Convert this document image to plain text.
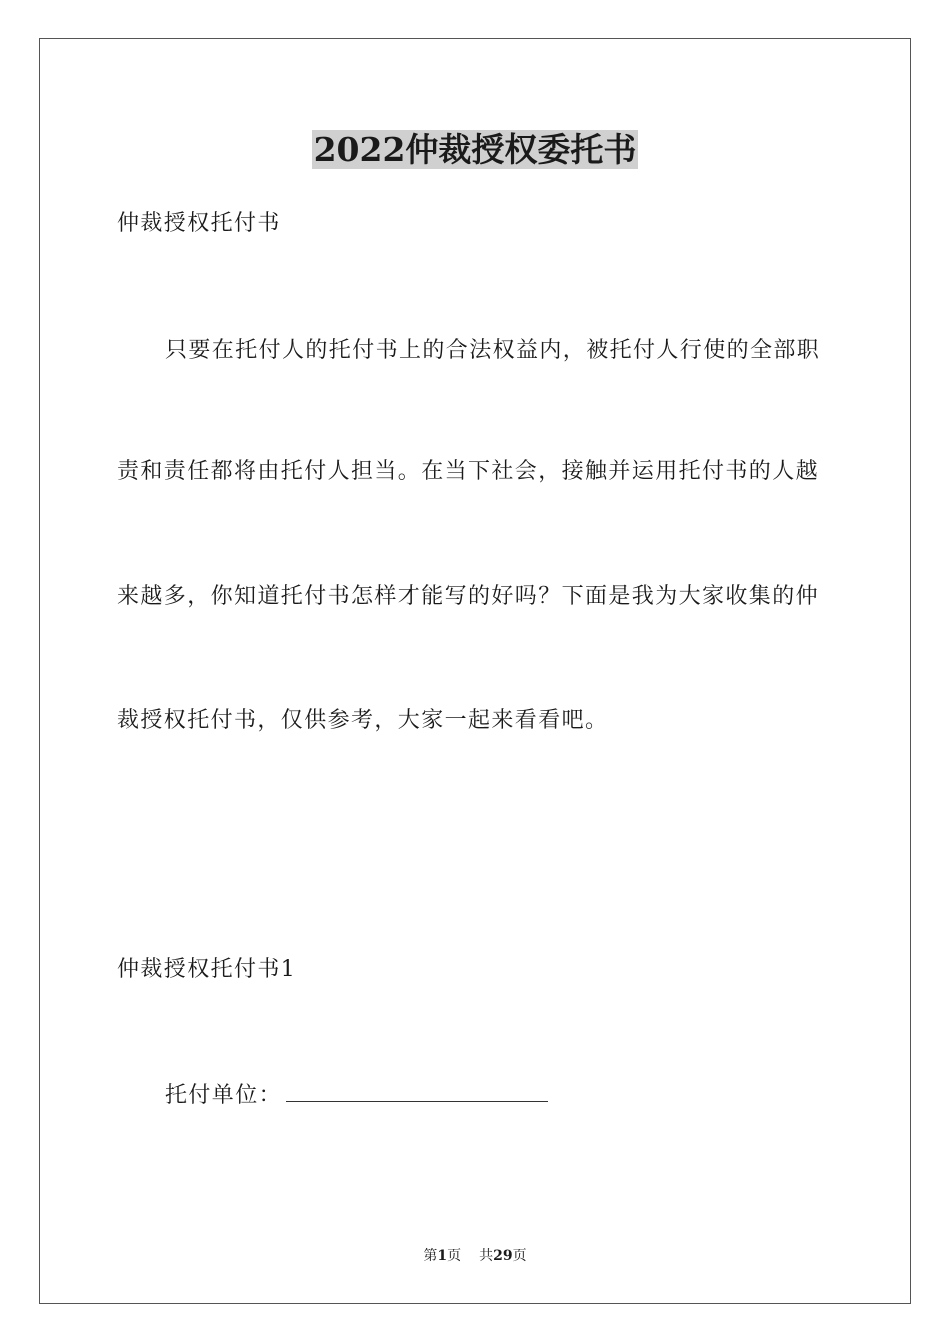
2022仲裁授权委托书
仲裁授权托付书
只要在托付人的托付书上的合法权益内，被托付人行使的全部职
责和责任都将由托付人担当。在当下社会，接触并运用托付书的人越
来越多，你知道托付书怎样才能写的好吗？下面是我为大家收集的仲
裁授权托付书，仅供参考，大家一起来看看吧。
仲裁授权托付书1
托付单位：
第1页 共29页
